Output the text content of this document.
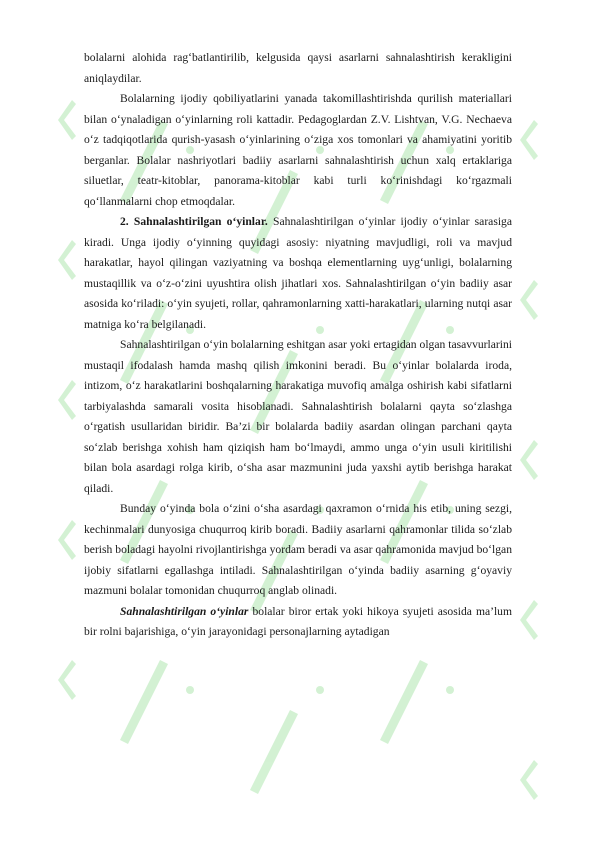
bolalarni alohida rag‘batlantirilib, kelgusida qaysi asarlarni sahnalashtirish kerakligini aniqlaydilar.

Bolalarning ijodiy qobiliyatlarini yanada takomillashtirishda qurilish materiallari bilan o‘ynaladigan o‘yinlarning roli kattadir. Pedagoglardan Z.V. Lishtvan, V.G. Nechaeva o‘z tadqiqotlarida qurish-yasash o‘yinlarining o‘ziga xos tomonlari va ahamiyatini yoritib berganlar. Bolalar nashriyotlari badiiy asarlarni sahnalashtirish uchun xalq ertaklariga siluetlar, teatr-kitoblar, panorama-kitoblar kabi turli ko‘rinishdagi ko‘rgazmali qo‘llanmalarni chop etmoqdalar.

2. Sahnalashtirilgan o‘yinlar. Sahnalashtirilgan o‘yinlar ijodiy o‘yinlar sarasiga kiradi. Unga ijodiy o‘yinning quyidagi asosiy: niyatning mavjudligi, roli va mavjud harakatlar, hayol qilingan vaziyatning va boshqa elementlarning uyg‘unligi, bolalarning mustaqillik va o‘z-o‘zini uyushtira olish jihatlari xos. Sahnalashtirilgan o‘yin badiiy asar asosida ko‘riladi: o‘yin syujeti, rollar, qahramonlarning xatti-harakatlari, ularning nutqi asar matniga ko‘ra belgilanadi.

Sahnalashtirilgan o‘yin bolalarning eshitgan asar yoki ertagidan olgan tasavvurlarini mustaqil ifodalash hamda mashq qilish imkonini beradi. Bu o‘yinlar bolalarda iroda, intizom, o‘z harakatlarini boshqalarning harakatiga muvofiq amalga oshirish kabi sifatlarni tarbiyalashda samarali vosita hisoblanadi. Sahnalashtirish bolalarni qayta so‘zlashga o‘rgatish usullaridan biridir. Ba’zi bir bolalarda badiiy asardan olingan parchani qayta so‘zlab berishga xohish ham qiziqish ham bo‘lmaydi, ammo unga o‘yin usuli kiritilishi bilan bola asardagi rolga kirib, o‘sha asar mazmunini juda yaxshi aytib berishga harakat qiladi.

Bunday o‘yinda bola o‘zini o‘sha asardagi qaxramon o‘rnida his etib, uning sezgi, kechinmalari dunyosiga chuqurroq kirib boradi. Badiiy asarlarni qahramonlar tilida so‘zlab berish boladagi hayolni rivojlantirishga yordam beradi va asar qahramonida mavjud bo‘lgan ijobiy sifatlarni egallashga intiladi. Sahnalashtirilgan o‘yinda badiiy asarning g‘oyaviy mazmuni bolalar tomonidan chuqurroq anglab olinadi.

Sahnalashtirilgan o‘yinlar bolalar biror ertak yoki hikoya syujeti asosida ma’lum bir rolni bajarishiga, o‘yin jarayonidagi personajlarning aytadigan
